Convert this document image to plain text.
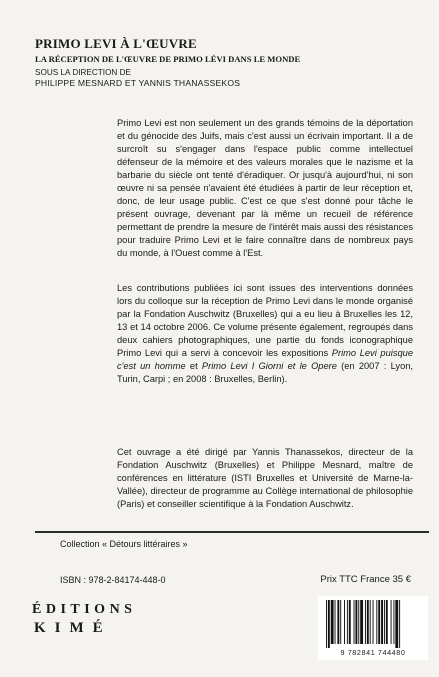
PRIMO LEVI À L'ŒUVRE

LA RÉCEPTION DE L'ŒUVRE DE PRIMO LÉVI DANS LE MONDE

SOUS LA DIRECTION DE
PHILIPPE MESNARD ET YANNIS THANASSEKOS

Primo Levi est non seulement un des grands témoins de la déportation et du génocide des Juifs, mais c'est aussi un écrivain important. Il a de surcroît su s'engager dans l'espace public comme intellectuel défenseur de la mémoire et des valeurs morales que le nazisme et la barbarie du siècle ont tenté d'éradiquer. Or jusqu'à aujourd'hui, ni son œuvre ni sa pensée n'avaient été étudiées à partir de leur réception et, donc, de leur usage public. C'est ce que s'est donné pour tâche le présent ouvrage, devenant par là même un recueil de référence permettant de prendre la mesure de l'intérêt mais aussi des résistances pour traduire Primo Levi et le faire connaître dans de nombreux pays du monde, à l'Ouest comme à l'Est.

Les contributions publiées ici sont issues des interventions données lors du colloque sur la réception de Primo Levi dans le monde organisé par la Fondation Auschwitz (Bruxelles) qui a eu lieu à Bruxelles les 12, 13 et 14 octobre 2006. Ce volume présente également, regroupés dans deux cahiers photographiques, une partie du fonds iconographique Primo Levi qui a servi à concevoir les expositions Primo Levi puisque c'est un homme et Primo Levi I Giorni et le Opere (en 2007 : Lyon, Turin, Carpi ; en 2008 : Bruxelles, Berlin).

Cet ouvrage a été dirigé par Yannis Thanassekos, directeur de la Fondation Auschwitz (Bruxelles) et Philippe Mesnard, maître de conférences en littérature (ISTI Bruxelles et Université de Marne-la-Vallée), directeur de programme au Collège international de philosophie (Paris) et conseiller scientifique à la Fondation Auschwitz.

Collection « Détours littéraires »
ISBN : 978-2-84174-448-0	Prix TTC France 35 €
ÉDITIONS
KIMÉ
9 782841 744480
